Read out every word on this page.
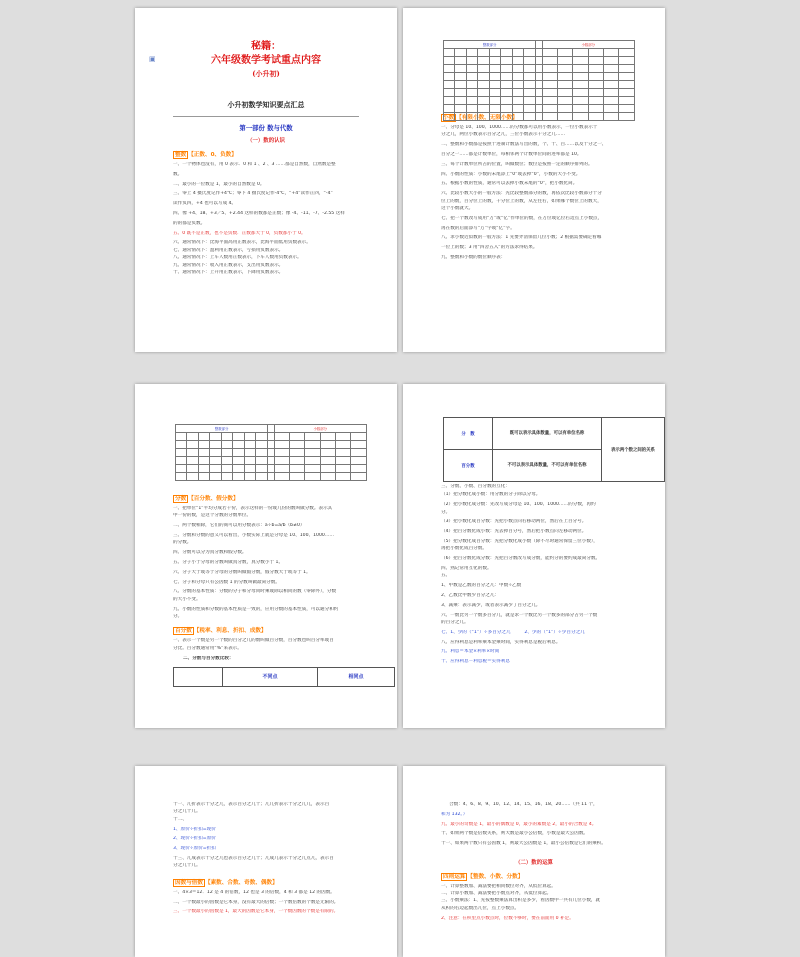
▣
秘籍：
六年级数学考试重点内容
(小升初)
小升初数学知识要点汇总
第一部份 数与代数
（一）数的认识
整数 【正数、0、负数】
一、一个物体也没有，用 0 表示．0 和 1 、2 、3 ……都是自然数，自然数是整
数。
二、最小的一位数是 1，最小的自然数是 0。
三、零上 4 摄氏度记作+4℃；零下 4 摄氏度记作-4℃，“+4”读作正四，“-4”
读作负四，+4 也可以写成 4。
四、像 +4、18、+3／5、+2.44 这样的数都是正数；像 -4、-11、-7、-2.55 这样
的的都是负数。
五、0 既不是正数，也不是负数．正数都大于 0，负数都小于 0。
六、通常情况下：比海平面高用正数表示，比海平面低用负数表示。
七、通常情况下：盈利用正数表示，亏损用负数表示。
八、通常情况下：上车人数用正数表示，下车人数用负数表示。
九、通常情况下：收入用正数表示，支出用负数表示。
十、通常情况下：上升用正数表示，下降用负数表示。
整数部分									小数部分					

小数 【有限小数、无限小数】
一、分母是 10、100、1000……的分数都可以用小数表示，一位小数表示十
分之几，两位小数表示百分之几，三位小数表示千分之几……
二、整数和小数都是按照十进制计数法写出的数，个、十、百……以及十分之一、
百分之一……都是计数单位，每相邻两个计数单位间的进率都是 10。
三、每个计数单位所占的位置，叫做数位；数位是按照一定的顺序排列的。
四、小数的性质：小数的末尾添上“0”或去掉“0”，小数的大小不变。
五、根据小数的性质，通常可以去掉小数末尾的“0”，把小数化简。
六、比较小数大小的一般方法：先比较整数部分的数，再依次比较小数部分十分
位上的数，百分位上的数，千分位上的数，从左往右，如果哪个数位上的数大，
这个小数就大。
七、把一个数改写成用“万”或“亿”作单位的数，在万位或亿位右边点上小数点，
再在数的后面添写“万”字或“亿”字。
八、求小数近似数的一般方法：1 先要弄清保留几位小数；2 根据需要确定看哪
一位上的数；3 用“四舍五入”的方法求得结果。
九、整数和小数的数位顺序表：
整数部分									小数部分					

分数 【百分数、假分数】
一、把单位“1”平均分成若干份，表示这样的一份或几份的数叫做分数。表示其
中一份的数，是这个分数的分数单位。
二、两个数相除，它们的商可以用分数表示：a÷b=a/b（b≠0）
三、分数和分数的意义可以看出，小数实际上就是分母是 10、100、1000……
的分数。
四、分数可以分为真分数和假分数。
五、分子小于分母的分数叫做真分数，真分数小于 1。
六、分子大于或等于分母的分数叫做假分数，假分数大于或等于 1。
七、分子和分母只有公因数 1 的分数叫做最简分数。
八、分数的基本性质：分数的分子和分母同时乘或除以相同的数（零除外），分数
的大小不变。
九、小数的性质和分数的基本性质是一致的，应用分数的基本性质，可以通分和约
分。
百分数 【税率、利息、折扣、成数】
一、表示一个数是另一个数的百分之几的数叫做百分数，百分数也叫百分率或百
分比。百分数通常用“%”来表示。
二、分数与百分数比较：
	不同点	相同点
分　数	既可以表示具体数量，可以有单位名称	表示两个数之间的关系
百分数	不可以表示具体数量，不可以有单位名称	
三、分数、小数、百分数的互化：
（1）把分数化成小数：用分数的分子除以分母。
（2）把小数化成分数：先改写成分母是 10、100、1000……的分数，再约
分。
（3）把小数化成百分数：先把小数点向右移动两位，然后在上百分号。
（4）把百分数化成小数：先去掉百分号，然后把小数点向左移动两位。
（5）把分数化成百分数：先把分数化成小数（除不尽时通常保留三位小数），
再把小数化成百分数。
（6）把百分数化成分数：先把百分数改写成分数，能约分的要约成最简分数。
四、熟记常用互化的数。
五、
1、甲数是乙数的百分之几：甲数÷乙数
2、乙数比甲数少百分之几：
3、减乘：表示减少，或者表示减少了百分之几。
六、一数比另一个数多百分几，就是求一个数比另一个数多的部分占另一个数
的百分之几。
七、1、少的（“1”）÷多百分之几　　　2、少的（“1”）÷少百分之几
八、应得利息是利率乘本金乘时间，实得利息是税后利息。
九、利息＝本金×利率×时间
十、应得利息－利息税＝实得利息
十一、几折表示十分之几，表示百分之几十；几几折表示十分之几几，表示百
分之几十几。
十二、
1、原价÷折扣=现价
2、现价÷折扣=原价
3、现价÷原价=折扣
十三、几成表示十分之几也表示百分之几十；几成几表示十分之几点几，表示百
分之几十几。
因数与倍数 【素数、合数、奇数、偶数】
一、4×3＝12．12 是 4 的倍数，12 也是 3 的倍数，4 和 3 都是 12 的因数。
二、一个数最小的因数是它本身，没有最大的倍数；一个数倍数的个数是无限的。
三、一个数最小的因数是 1，最大的因数是它本身，一个数因数的个数是有限的。
合数：4、6、8、9、10、12、14、15、16、18、20……（共 11 个，
和为 132。）
九、最小的奇数是 1，最小的偶数是 0，最小的素数是 2，最小的合数是 4。
十、如果两个数是倍数关系，则大数是最小公倍数，小数是最大公因数。
十一、如果两个数只有公因数 1，则最大公因数是 1，最小公倍数是它们的乘积。
（二）数的运算
四则运算 【整数、小数、分数】
一、计算整数加、减法要把相同数位对齐，从低位算起。
二、计算小数加、减法要把小数点对齐，从低位算起。
三、小数乘法：1、先按整数乘法算出积是多少，看因数中一共有几位小数，就
从积的右边起数出几位，点上小数点。
2、注意：在积里点小数点时，位数不够时，要在前面用 0 补足。
